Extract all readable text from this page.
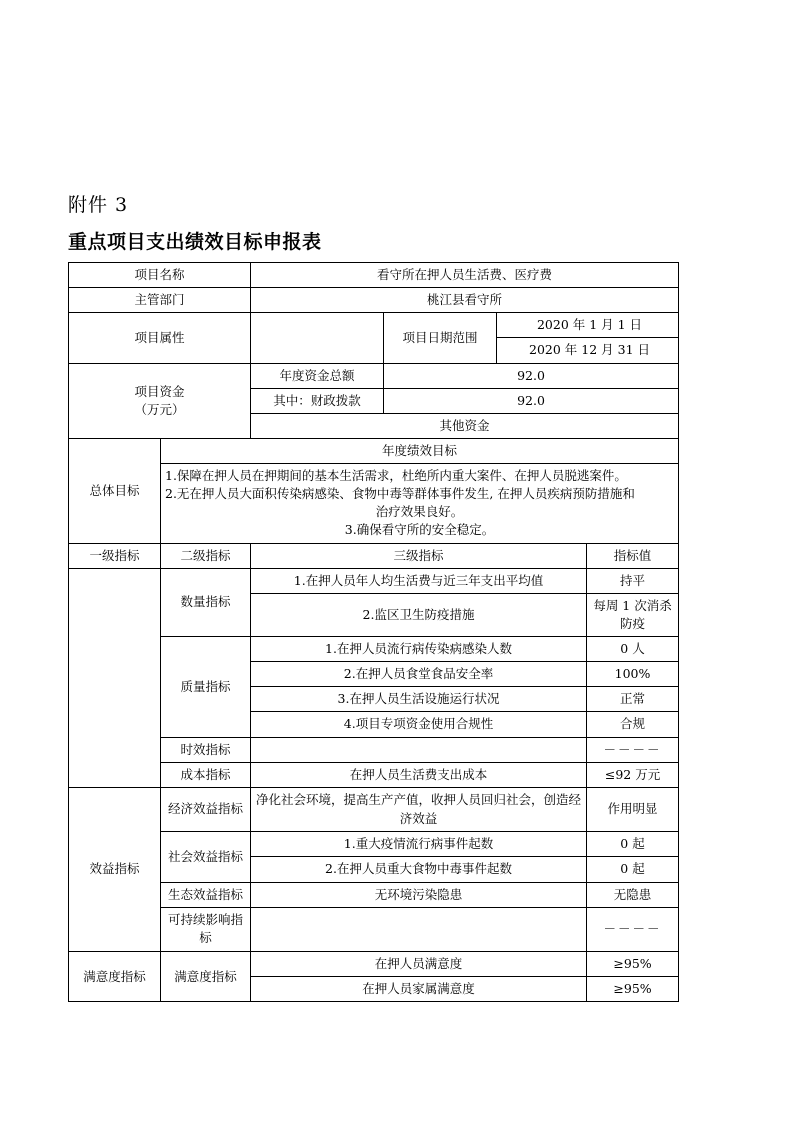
附件 3
重点项目支出绩效目标申报表
项目名称		看守所在押人员生活费、医疗费			
主管部门		桃江县看守所			
项目属性			项目日期范围	2020 年 1 月 1 日	
				2020 年 12 月 31 日	

项目资金
（万元）		年度资金总额	92.0		
		其中：财政拨款	92.0		
		其他资金			
总体目标	年度绩效目标				

	1.保障在押人员在押期间的基本生活需求，杜绝所内重大案件、在押人员脱逃案件。
2.无在押人员大面积传染病感染、食物中毒等群体事件发生, 在押人员疾病预防措施和
治疗效果良好。
3.确保看守所的安全稳定。				

一级指标	二级指标	三级指标			指标值
	数量指标	1.在押人员年人均生活费与近三年支出平均值			持平
		2.监区卫生防疫措施			每周 1 次消杀防疫
	质量指标	1.在押人员流行病传染病感染人数			0 人
		2.在押人员食堂食品安全率			100%
		3.在押人员生活设施运行状况			正常
		4.项目专项资金使用合规性			合规
	时效指标				－－－－
	成本指标	在押人员生活费支出成本			≤92 万元
效益指标	经济效益指标	净化社会环境，提高生产产值，收押人员回归社会，创造经济效益			作用明显
	社会效益指标	1.重大疫情流行病事件起数			0 起
		2.在押人员重大食物中毒事件起数			0 起
	生态效益指标	无环境污染隐患			无隐患
	可持续影响指标				－－－－
满意度指标	满意度指标	在押人员满意度			≥95%
		在押人员家属满意度			≥95%
